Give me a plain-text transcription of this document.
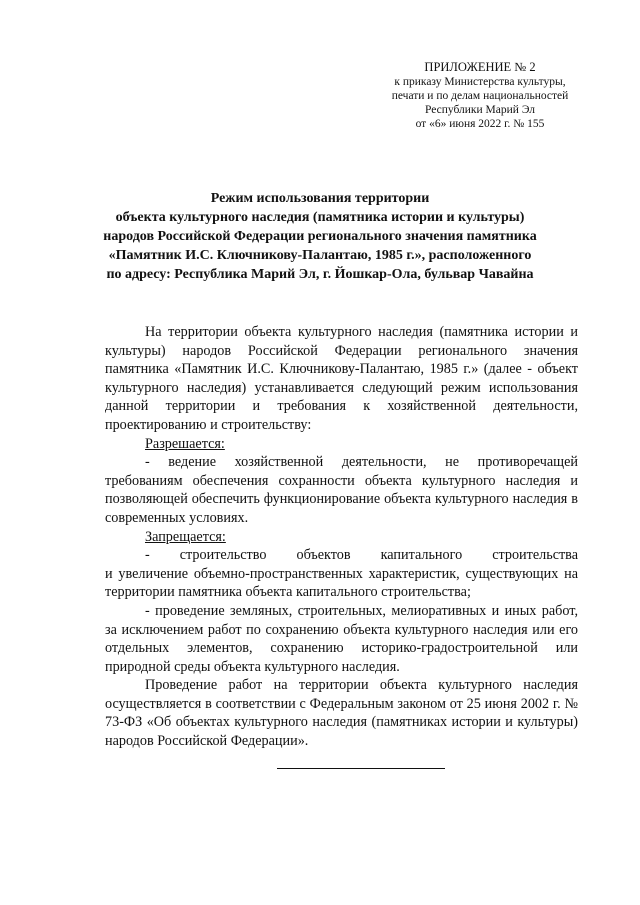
ПРИЛОЖЕНИЕ № 2
к приказу Министерства культуры,
печати и по делам национальностей
Республики Марий Эл
от «6» июня 2022 г. № 155
Режим использования территории
объекта культурного наследия (памятника истории и культуры)
народов Российской Федерации регионального значения памятника
«Памятник И.С. Ключникову-Палантаю, 1985 г.», расположенного
по адресу: Республика Марий Эл, г. Йошкар-Ола, бульвар Чавайна

На территории объекта культурного наследия (памятника истории и культуры) народов Российской Федерации регионального значения памятника «Памятник И.С. Ключникову-Палантаю, 1985 г.» (далее - объект культурного наследия) устанавливается следующий режим использования данной территории и требования к хозяйственной деятельности, проектированию и строительству:

Разрешается:

- ведение хозяйственной деятельности, не противоречащей требованиям обеспечения сохранности объекта культурного наследия и позволяющей обеспечить функционирование объекта культурного наследия в современных условиях.

Запрещается:

- строительство объектов капитального строительства

и увеличение объемно-пространственных характеристик, существующих на территории памятника объекта капитального строительства;

- проведение земляных, строительных, мелиоративных и иных работ, за исключением работ по сохранению объекта культурного наследия или его отдельных элементов, сохранению историко-градостроительной или природной среды объекта культурного наследия.

Проведение работ на территории объекта культурного наследия осуществляется в соответствии с Федеральным законом от 25 июня 2002 г. № 73-ФЗ «Об объектах культурного наследия (памятниках истории и культуры) народов Российской Федерации».
